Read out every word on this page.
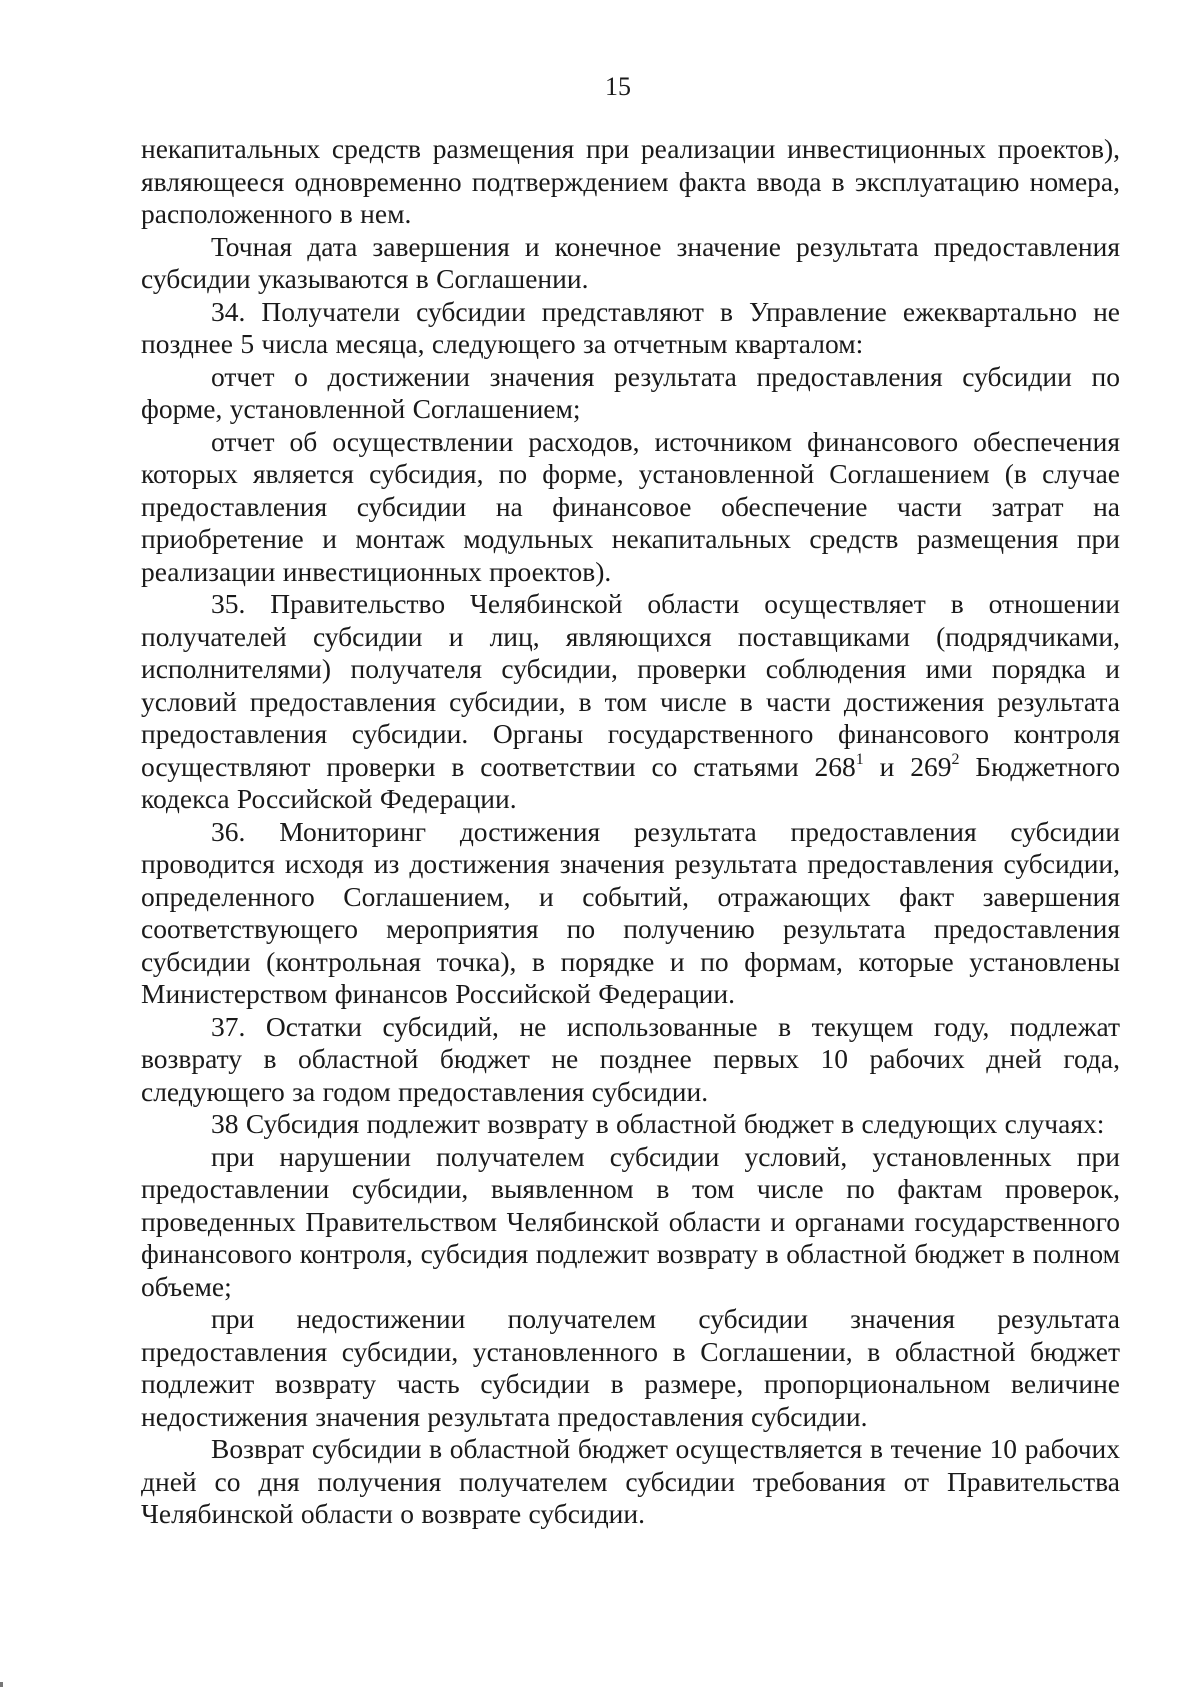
15

некапитальных средств размещения при реализации инвестиционных проектов), являющееся одновременно подтверждением факта ввода в эксплуатацию номера, расположенного в нем.

Точная дата завершения и конечное значение результата предоставления субсидии указываются в Соглашении.

34. Получатели субсидии представляют в Управление ежеквартально не позднее 5 числа месяца, следующего за отчетным кварталом:

отчет о достижении значения результата предоставления субсидии по форме, установленной Соглашением;

отчет об осуществлении расходов, источником финансового обеспечения которых является субсидия, по форме, установленной Соглашением (в случае предоставления субсидии на финансовое обеспечение части затрат на приобретение и монтаж модульных некапитальных средств размещения при реализации инвестиционных проектов).

35. Правительство Челябинской области осуществляет в отношении получателей субсидии и лиц, являющихся поставщиками (подрядчиками, исполнителями) получателя субсидии, проверки соблюдения ими порядка и условий предоставления субсидии, в том числе в части достижения результата предоставления субсидии. Органы государственного финансового контроля осуществляют проверки в соответствии со статьями $268^1$ и $269^2$ Бюджетного кодекса Российской Федерации.

36. Мониторинг достижения результата предоставления субсидии проводится исходя из достижения значения результата предоставления субсидии, определенного Соглашением, и событий, отражающих факт завершения соответствующего мероприятия по получению результата предоставления субсидии (контрольная точка), в порядке и по формам, которые установлены Министерством финансов Российской Федерации.

37. Остатки субсидий, не использованные в текущем году, подлежат возврату в областной бюджет не позднее первых 10 рабочих дней года, следующего за годом предоставления субсидии.

38 Субсидия подлежит возврату в областной бюджет в следующих случаях:

при нарушении получателем субсидии условий, установленных при предоставлении субсидии, выявленном в том числе по фактам проверок, проведенных Правительством Челябинской области и органами государственного финансового контроля, субсидия подлежит возврату в областной бюджет в полном объеме;

при недостижении получателем субсидии значения результата предоставления субсидии, установленного в Соглашении, в областной бюджет подлежит возврату часть субсидии в размере, пропорциональном величине недостижения значения результата предоставления субсидии.

Возврат субсидии в областной бюджет осуществляется в течение 10 рабочих дней со дня получения получателем субсидии требования от Правительства Челябинской области о возврате субсидии.
